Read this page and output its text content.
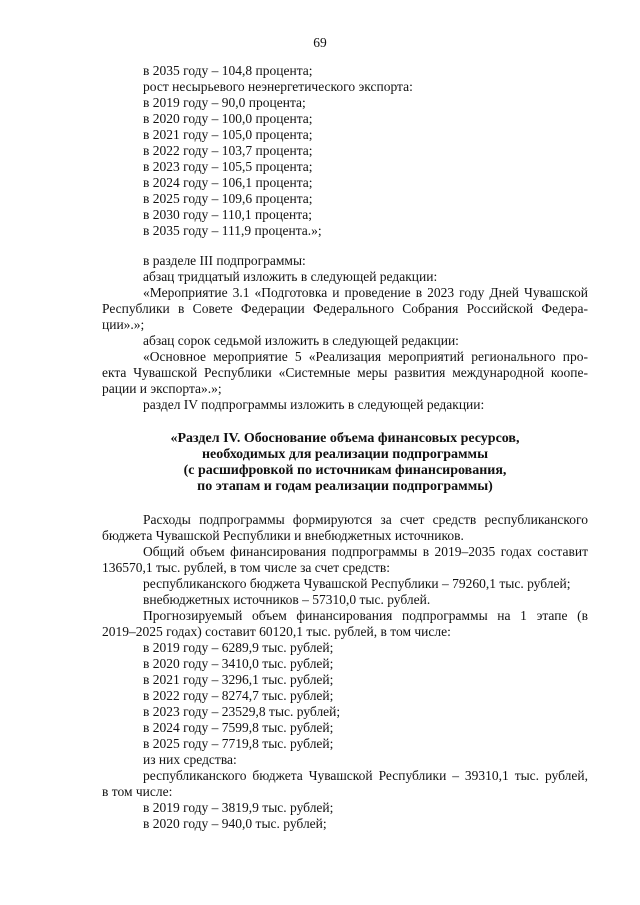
69
в 2035 году – 104,8 процента;
рост несырьевого неэнергетического экспорта:
в 2019 году – 90,0 процента;
в 2020 году – 100,0 процента;
в 2021 году – 105,0 процента;
в 2022 году – 103,7 процента;
в 2023 году – 105,5 процента;
в 2024 году – 106,1 процента;
в 2025 году – 109,6 процента;
в 2030 году – 110,1 процента;
в 2035 году – 111,9 процента.»;
в разделе III подпрограммы:
абзац тридцатый изложить в следующей редакции:
«Мероприятие 3.1 «Подготовка и проведение в 2023 году Дней Чувашской
Республики в Совете Федерации Федерального Собрания Российской Федера-
ции».»;
абзац сорок седьмой изложить в следующей редакции:
«Основное мероприятие 5 «Реализация мероприятий регионального про-
екта Чувашской Республики «Системные меры развития международной коопе-
рации и экспорта».»;
раздел IV подпрограммы изложить в следующей редакции:
«Раздел IV. Обоснование объема финансовых ресурсов,
необходимых для реализации подпрограммы
(с расшифровкой по источникам финансирования,
по этапам и годам реализации подпрограммы)
Расходы подпрограммы формируются за счет средств республиканского
бюджета Чувашской Республики и внебюджетных источников.
Общий объем финансирования подпрограммы в 2019–2035 годах составит
136570,1 тыс. рублей, в том числе за счет средств:
республиканского бюджета Чувашской Республики – 79260,1 тыс. рублей;
внебюджетных источников – 57310,0 тыс. рублей.
Прогнозируемый объем финансирования подпрограммы на 1 этапе (в
2019–2025 годах) составит 60120,1 тыс. рублей, в том числе:
в 2019 году – 6289,9 тыс. рублей;
в 2020 году – 3410,0 тыс. рублей;
в 2021 году – 3296,1 тыс. рублей;
в 2022 году – 8274,7 тыс. рублей;
в 2023 году – 23529,8 тыс. рублей;
в 2024 году – 7599,8 тыс. рублей;
в 2025 году – 7719,8 тыс. рублей;
из них средства:
республиканского бюджета Чувашской Республики – 39310,1 тыс. рублей,
в том числе:
в 2019 году – 3819,9 тыс. рублей;
в 2020 году – 940,0 тыс. рублей;
